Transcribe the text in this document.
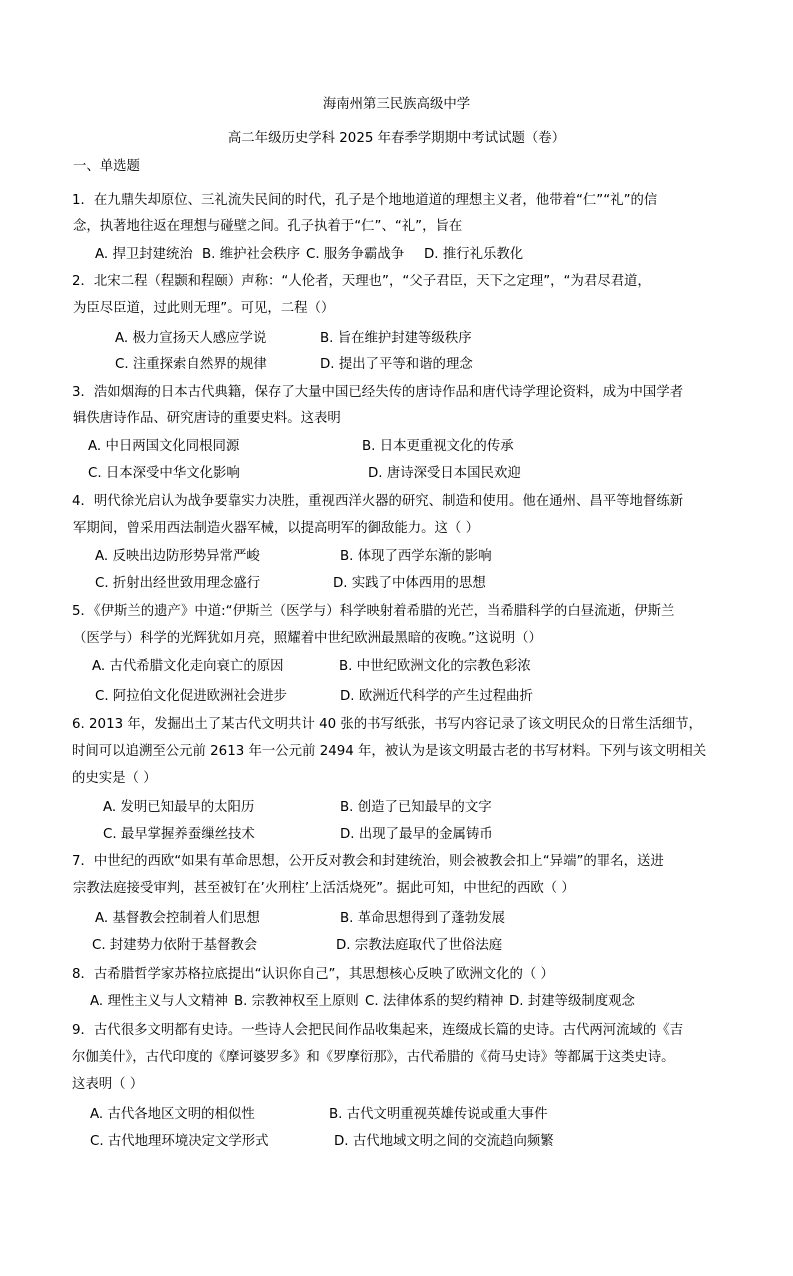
海南州第三民族高级中学
高二年级历史学科 2025 年春季学期期中考试试题（卷）
一、单选题
1．在九鼎失却原位、三礼流失民间的时代，孔子是个地地道道的理想主义者，他带着“仁”“礼”的信
念，执著地往返在理想与碰壁之间。孔子执着于“仁”、“礼”，旨在
A. 捍卫封建统治 B. 维护社会秩序 C. 服务争霸战争 D. 推行礼乐教化
2．北宋二程（程颢和程颐）声称：“人伦者，天理也”，“父子君臣，天下之定理”，“为君尽君道，
为臣尽臣道，过此则无理”。可见，二程（）
A. 极力宣扬天人感应学说	B. 旨在维护封建等级秩序
C. 注重探索自然界的规律	D. 提出了平等和谐的理念
3．浩如烟海的日本古代典籍，保存了大量中国已经失传的唐诗作品和唐代诗学理论资料，成为中国学者
辑佚唐诗作品、研究唐诗的重要史料。这表明
A. 中日两国文化同根同源	B. 日本更重视文化的传承
C. 日本深受中华文化影响	D. 唐诗深受日本国民欢迎
4．明代徐光启认为战争要靠实力决胜，重视西洋火器的研究、制造和使用。他在通州、昌平等地督练新
军期间，曾采用西法制造火器军械，以提高明军的御敌能力。这（ ）
A. 反映出边防形势异常严峻	B. 体现了西学东渐的影响
C. 折射出经世致用理念盛行	D. 实践了中体西用的思想
5．《伊斯兰的遗产》中道:“伊斯兰（医学与）科学映射着希腊的光芒，当希腊科学的白昼流逝，伊斯兰
（医学与）科学的光辉犹如月亮，照耀着中世纪欧洲最黑暗的夜晚。”这说明（）
A. 古代希腊文化走向衰亡的原因	B. 中世纪欧洲文化的宗教色彩浓
C. 阿拉伯文化促进欧洲社会进步	D. 欧洲近代科学的产生过程曲折
6. 2013 年，发掘出土了某古代文明共计 40 张的书写纸张，书写内容记录了该文明民众的日常生活细节，
时间可以追溯至公元前 2613 年一公元前 2494 年，被认为是该文明最古老的书写材料。下列与该文明相关
的史实是（ ）
A. 发明已知最早的太阳历	B. 创造了已知最早的文字
C. 最早掌握养蚕缫丝技术	D. 出现了最早的金属铸币
7．中世纪的西欧“如果有革命思想，公开反对教会和封建统治，则会被教会扣上“异端”的罪名，送进
宗教法庭接受审判，甚至被钉在’火刑柱’上活活烧死”。据此可知，中世纪的西欧（ ）
A. 基督教会控制着人们思想	B. 革命思想得到了蓬勃发展
C. 封建势力依附于基督教会	D. 宗教法庭取代了世俗法庭
8．古希腊哲学家苏格拉底提出“认识你自己”，其思想核心反映了欧洲文化的（ ）
A. 理性主义与人文精神 B. 宗教神权至上原则 C. 法律体系的契约精神 D. 封建等级制度观念
9．古代很多文明都有史诗。一些诗人会把民间作品收集起来，连缀成长篇的史诗。古代两河流域的《吉
尔伽美什》，古代印度的《摩诃婆罗多》和《罗摩衍那》，古代希腊的《荷马史诗》等都属于这类史诗。
这表明（ ）
A. 古代各地区文明的相似性	B. 古代文明重视英雄传说或重大事件
C. 古代地理环境决定文学形式	D. 古代地域文明之间的交流趋向频繁
